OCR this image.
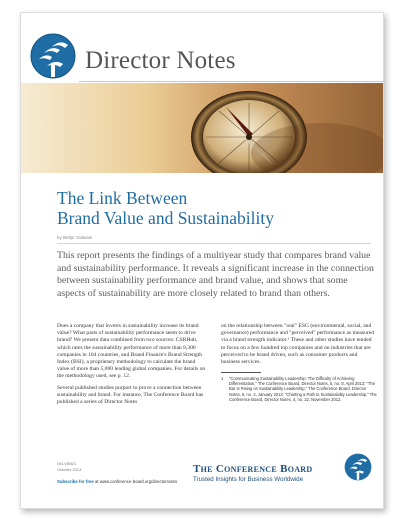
Director Notes
The Link Between
Brand Value and Sustainability
by Bettyr Gidwani
This report presents the findings of a multiyear study that compares brand value and sustainability performance. It reveals a significant increase in the connection between sustainability performance and brand value, and shows that some aspects of sustainability are more closely related to brand than others.

Does a company that invests in sustainability increase its brand value? What parts of sustainability performance seem to drive brand? We present data combined from two sources: CSRHub, which rates the sustainability performance of more than 8,300 companies in 104 countries, and Brand Finance's Brand Strength Index (BSI), a proprietary methodology to calculate the brand value of more than 5,000 leading global companies. For details on the methodology used, see p. 12.

Several published studies purport to prove a connection between sustainability and brand. For instance, The Conference Board has published a series of Director Notes

on the relationship between "real" ESG (environmental, social, and governance) performance and "perceived" performance as measured via a brand strength indicator.¹ These and other studies have tended to focus on a few hundred top companies and on industries that are perceived to be brand driven, such as consumer products and business services.

1	"Communicating Sustainability Leadership: The Difficulty of Achieving Differentiation," The Conference Board, Director Notes, 5, no. 8, April 2013; "The Bar Is Rising on Sustainability Leadership," The Conference Board, Director Notes, 5, no. 2, January 2013; "Charting a Path to Sustainability Leadership," The Conference Board, Director Notes, 4, no. 22, November 2012.
DN-V5N21
October 2013
Subscribe for free at www.conference-board.org/directornotes
The Conference Board
Trusted Insights for Business Worldwide
